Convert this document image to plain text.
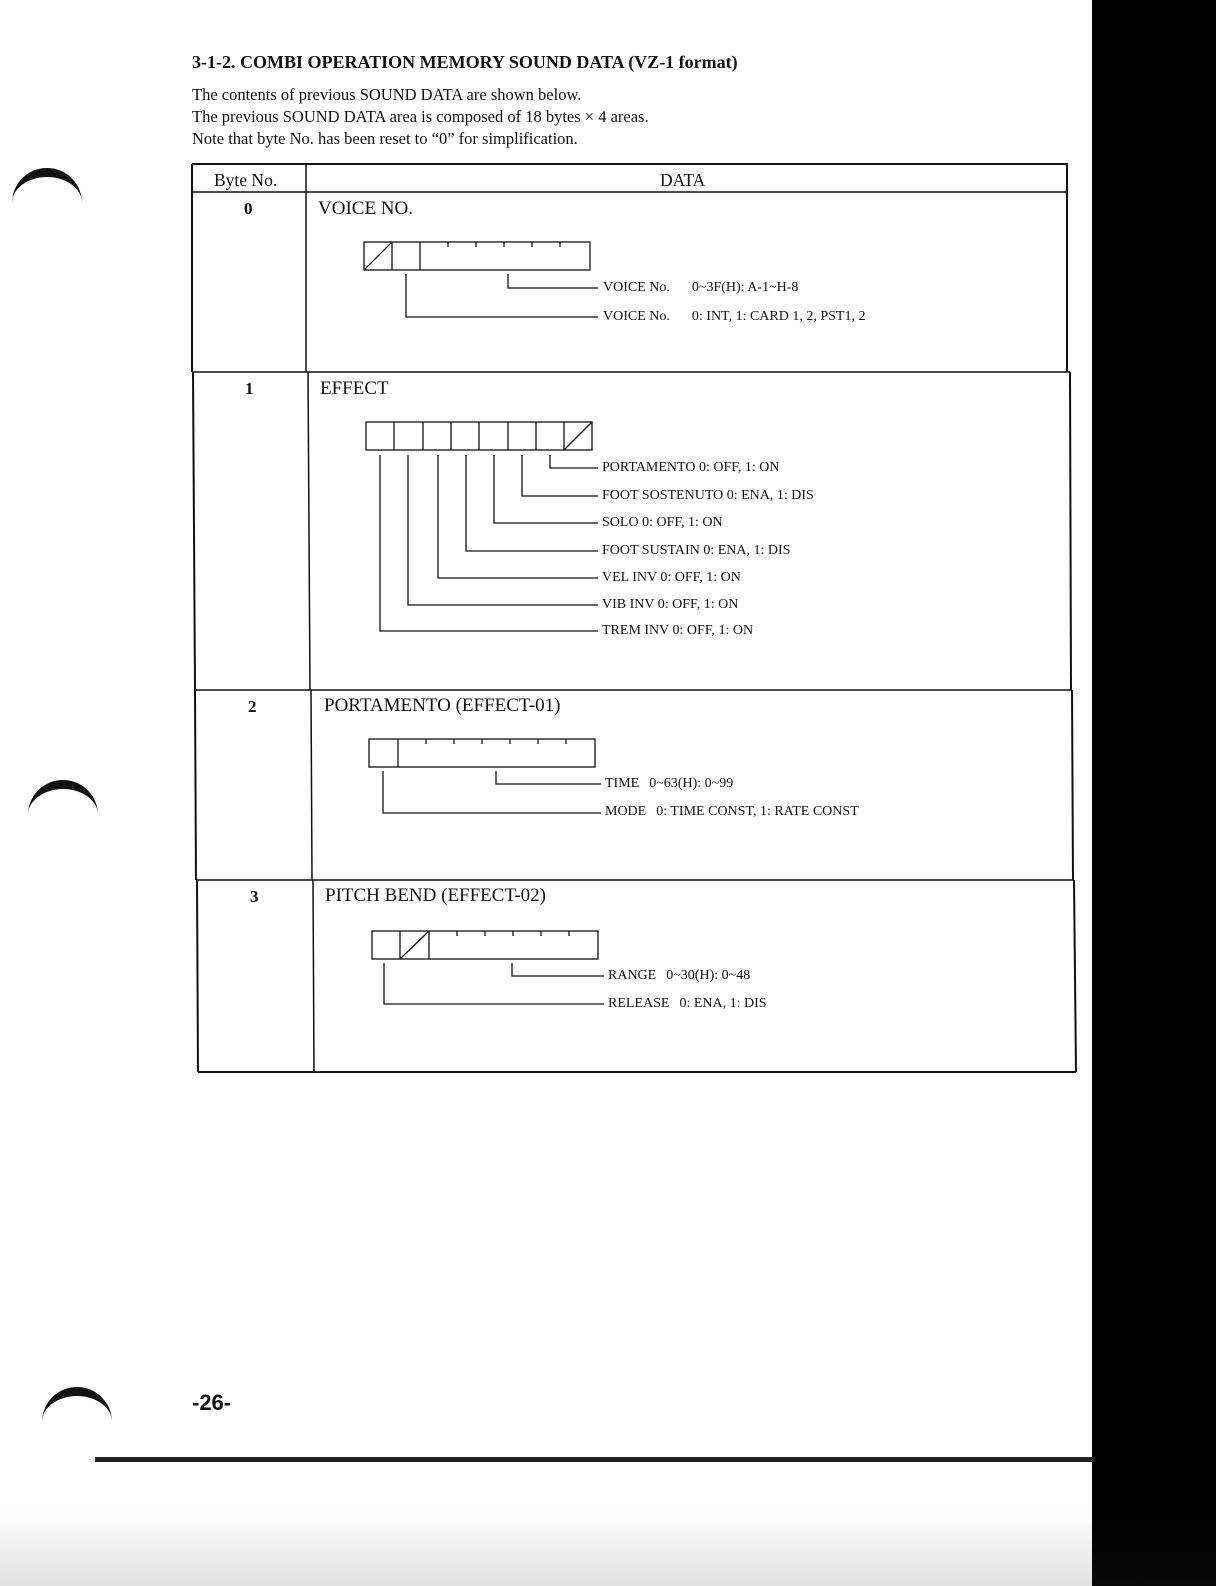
3-1-2. COMBI OPERATION MEMORY SOUND DATA (VZ-1 format)
The contents of previous SOUND DATA are shown below.
The previous SOUND DATA area is composed of 18 bytes × 4 areas.
Note that byte No. has been reset to “0” for simplification.
Byte No.	DATA
0	VOICE NO.
VOICE No. 0~3F(H): A-1~H-8
VOICE No. 0: INT, 1: CARD 1, 2, PST1, 2
1	EFFECT
PORTAMENTO 0: OFF, 1: ON
FOOT SOSTENUTO 0: ENA, 1: DIS
SOLO 0: OFF, 1: ON
FOOT SUSTAIN 0: ENA, 1: DIS
VEL INV 0: OFF, 1: ON
VIB INV 0: OFF, 1: ON
TREM INV 0: OFF, 1: ON
2	PORTAMENTO (EFFECT-01)
TIME 0~63(H): 0~99
MODE 0: TIME CONST, 1: RATE CONST
3	PITCH BEND (EFFECT-02)
RANGE 0~30(H): 0~48
RELEASE 0: ENA, 1: DIS
-26-
